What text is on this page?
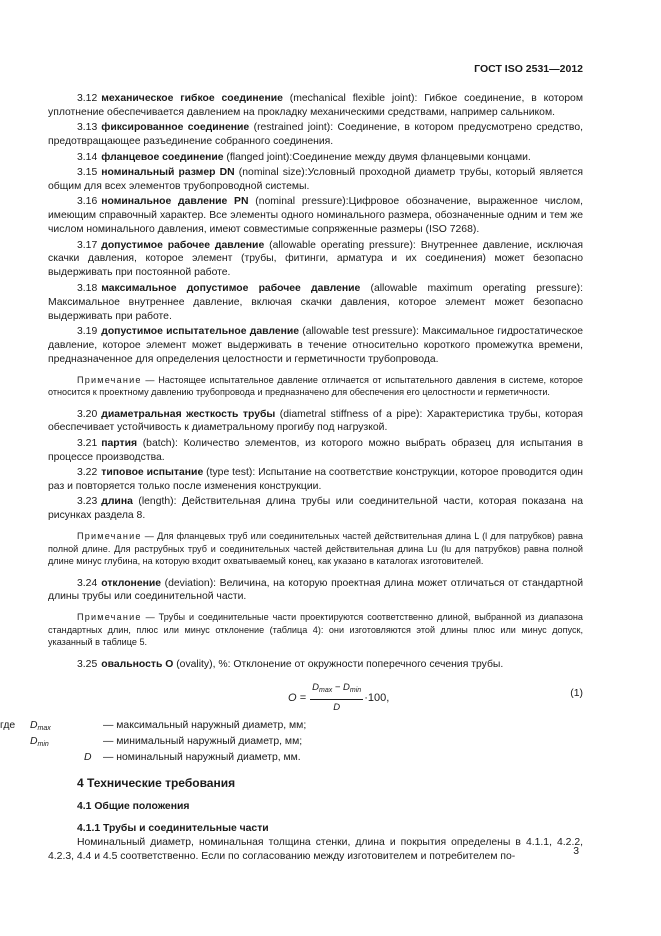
ГОСТ ISO 2531—2012
3.12 механическое гибкое соединение (mechanical flexible joint): Гибкое соединение, в котором уплотнение обеспечивается давлением на прокладку механическими средствами, например сальником.
3.13 фиксированное соединение (restrained joint): Соединение, в котором предусмотрено средство, предотвращающее разъединение собранного соединения.
3.14 фланцевое соединение (flanged joint):Соединение между двумя фланцевыми концами.
3.15 номинальный размер DN (nominal size):Условный проходной диаметр трубы, который является общим для всех элементов трубопроводной системы.
3.16 номинальное давление PN (nominal pressure):Цифровое обозначение, выраженное числом, имеющим справочный характер. Все элементы одного номинального размера, обозначенные одним и тем же числом номинального давления, имеют совместимые сопряженные размеры (ISO 7268).
3.17 допустимое рабочее давление (allowable operating pressure): Внутреннее давление, исключая скачки давления, которое элемент (трубы, фитинги, арматура и их соединения) может безопасно выдерживать при постоянной работе.
3.18 максимальное допустимое рабочее давление (allowable maximum operating pressure): Максимальное внутреннее давление, включая скачки давления, которое элемент может безопасно выдерживать при работе.
3.19 допустимое испытательное давление (allowable test pressure): Максимальное гидростатическое давление, которое элемент может выдерживать в течение относительно короткого промежутка времени, предназначенное для определения целостности и герметичности трубопровода.
Примечание — Настоящее испытательное давление отличается от испытательного давления в системе, которое относится к проектному давлению трубопровода и предназначено для обеспечения его целостности и герметичности.
3.20 диаметральная жесткость трубы (diametral stiffness of a pipe): Характеристика трубы, которая обеспечивает устойчивость к диаметральному прогибу под нагрузкой.
3.21 партия (batch): Количество элементов, из которого можно выбрать образец для испытания в процессе производства.
3.22 типовое испытание (type test): Испытание на соответствие конструкции, которое проводится один раз и повторяется только после изменения конструкции.
3.23 длина (length): Действительная длина трубы или соединительной части, которая показана на рисунках раздела 8.
Примечание — Для фланцевых труб или соединительных частей действительная длина L (l для патрубков) равна полной длине. Для раструбных труб и соединительных частей действительная длина Lu (lu для патрубков) равна полной длине минус глубина, на которую входит охватываемый конец, как указано в каталогах изготовителей.
3.24 отклонение (deviation): Величина, на которую проектная длина может отличаться от стандартной длины трубы или соединительной части.
Примечание — Трубы и соединительные части проектируются соответственно длиной, выбранной из диапазона стандартных длин, плюс или минус отклонение (таблица 4): они изготовляются этой длины плюс или минус допуск, указанный в таблице 5.
3.25 овальность O (ovality), %: Отклонение от окружности поперечного сечения трубы.
$O = \frac{D_{max} - D_{min}}{D} \cdot 100$,	(1)
где $D_{max}$	— максимальный наружный диаметр, мм;
$D_{min}$	— минимальный наружный диаметр, мм;
D — номинальный наружный диаметр, мм.
4 Технические требования
4.1 Общие положения
4.1.1 Трубы и соединительные части
Номинальный диаметр, номинальная толщина стенки, длина и покрытия определены в 4.1.1, 4.2.2, 4.2.3, 4.4 и 4.5 соответственно. Если по согласованию между изготовителем и потребителем по-	3
